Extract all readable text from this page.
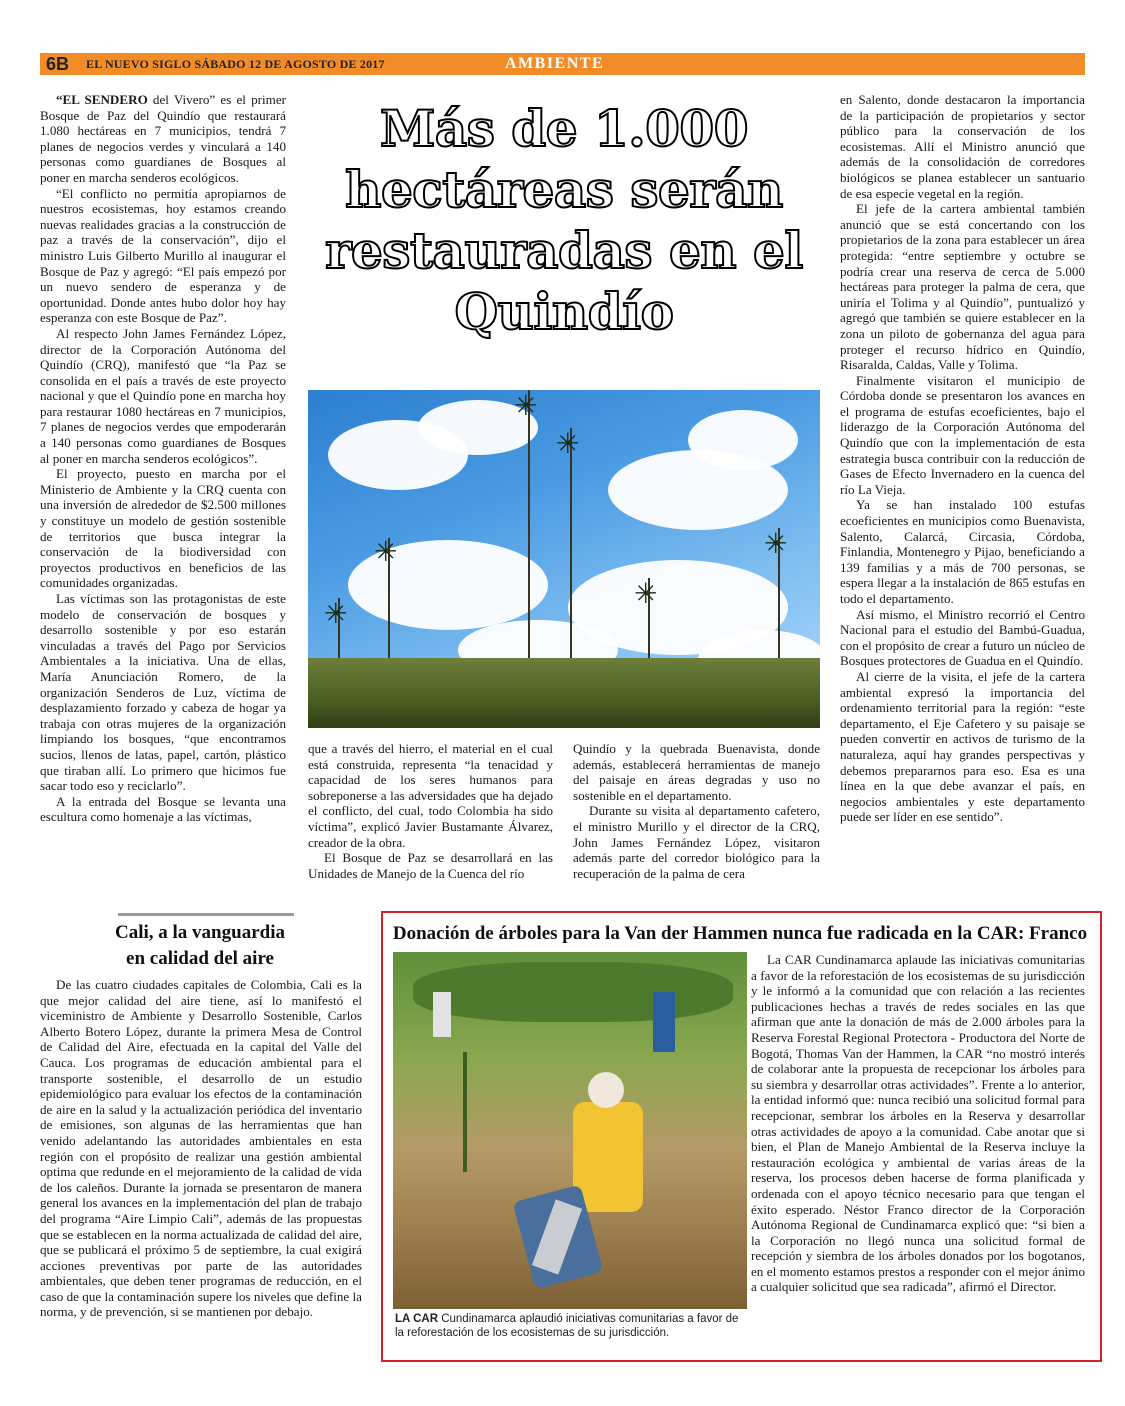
6B EL NUEVO SIGLO SÁBADO 12 DE AGOSTO DE 2017	AMBIENTE

“EL SENDERO del Vivero” es el primer Bosque de Paz del Quindío que restaurará 1.080 hectáreas en 7 municipios, tendrá 7 planes de negocios verdes y vinculará a 140 personas como guardianes de Bosques al poner en marcha senderos ecológicos.

“El conflicto no permitía apropiarnos de nuestros ecosistemas, hoy estamos creando nuevas realidades gracias a la construcción de paz a través de la conservación”, dijo el ministro Luis Gilberto Murillo al inaugurar el Bosque de Paz y agregó: “El país empezó por un nuevo sendero de esperanza y de oportunidad. Donde antes hubo dolor hoy hay esperanza con este Bosque de Paz”.

Al respecto John James Fernández López, director de la Corporación Autónoma del Quindío (CRQ), manifestó que “la Paz se consolida en el país a través de este proyecto nacional y que el Quindío pone en marcha hoy para restaurar 1080 hectáreas en 7 municipios, 7 planes de negocios verdes que empoderarán a 140 personas como guardianes de Bosques al poner en marcha senderos ecológicos”.

El proyecto, puesto en marcha por el Ministerio de Ambiente y la CRQ cuenta con una inversión de alrededor de $2.500 millones y constituye un modelo de gestión sostenible de territorios que busca integrar la conservación de la biodiversidad con proyectos productivos en beneficios de las comunidades organizadas.

Las víctimas son las protagonistas de este modelo de conservación de bosques y desarrollo sostenible y por eso estarán vinculadas a través del Pago por Servicios Ambientales a la iniciativa. Una de ellas, María Anunciación Romero, de la organización Senderos de Luz, víctima de desplazamiento forzado y cabeza de hogar ya trabaja con otras mujeres de la organización limpiando los bosques, “que encontramos sucios, llenos de latas, papel, cartón, plástico que tiraban allí. Lo primero que hicimos fue sacar todo eso y reciclarlo”.

A la entrada del Bosque se levanta una escultura como homenaje a las víctimas,

Más de 1.000 hectáreas serán restauradas en el Quindío
✳
✳
✳	✳
✳
✳

que a través del hierro, el material en el cual está construida, representa “la tenacidad y capacidad de los seres humanos para sobreponerse a las adversidades que ha dejado el conflicto, del cual, todo Colombia ha sido víctima”, explicó Javier Bustamante Álvarez, creador de la obra.

El Bosque de Paz se desarrollará en las Unidades de Manejo de la Cuenca del río

Quindío y la quebrada Buenavista, donde además, establecerá herramientas de manejo del paisaje en áreas degradas y uso no sostenible en el departamento.

Durante su visita al departamento cafetero, el ministro Murillo y el director de la CRQ, John James Fernández López, visitaron además parte del corredor biológico para la recuperación de la palma de cera

en Salento, donde destacaron la importancia de la participación de propietarios y sector público para la conservación de los ecosistemas. Allí el Ministro anunció que además de la consolidación de corredores biológicos se planea establecer un santuario de esa especie vegetal en la región.

El jefe de la cartera ambiental también anunció que se está concertando con los propietarios de la zona para establecer un área protegida: “entre septiembre y octubre se podría crear una reserva de cerca de 5.000 hectáreas para proteger la palma de cera, que uniría el Tolima y al Quindío”, puntualizó y agregó que también se quiere establecer en la zona un piloto de gobernanza del agua para proteger el recurso hídrico en Quindío, Risaralda, Caldas, Valle y Tolima.

Finalmente visitaron el municipio de Córdoba donde se presentaron los avances en el programa de estufas ecoeficientes, bajo el liderazgo de la Corporación Autónoma del Quindío que con la implementación de esta estrategia busca contribuir con la reducción de Gases de Efecto Invernadero en la cuenca del río La Vieja.

Ya se han instalado 100 estufas ecoeficientes en municipios como Buenavista, Salento, Calarcá, Circasia, Córdoba, Finlandia, Montenegro y Pijao, beneficiando a 139 familias y a más de 700 personas, se espera llegar a la instalación de 865 estufas en todo el departamento.

Así mismo, el Ministro recorrió el Centro Nacional para el estudio del Bambú-Guadua, con el propósito de crear a futuro un núcleo de Bosques protectores de Guadua en el Quindío.

Al cierre de la visita, el jefe de la cartera ambiental expresó la importancia del ordenamiento territorial para la región: “este departamento, el Eje Cafetero y su paisaje se pueden convertir en activos de turismo de la naturaleza, aquí hay grandes perspectivas y debemos prepararnos para eso. Esa es una línea en la que debe avanzar el país, en negocios ambientales y este departamento puede ser líder en ese sentido”.

Cali, a la vanguardia
en calidad del aire

De las cuatro ciudades capitales de Colombia, Cali es la que mejor calidad del aire tiene, así lo manifestó el viceministro de Ambiente y Desarrollo Sostenible, Carlos Alberto Botero López, durante la primera Mesa de Control de Calidad del Aire, efectuada en la capital del Valle del Cauca. Los programas de educación ambiental para el transporte sostenible, el desarrollo de un estudio epidemiológico para evaluar los efectos de la contaminación de aire en la salud y la actualización periódica del inventario de emisiones, son algunas de las herramientas que han venido adelantando las autoridades ambientales en esta región con el propósito de realizar una gestión ambiental optima que redunde en el mejoramiento de la calidad de vida de los caleños. Durante la jornada se presentaron de manera general los avances en la implementación del plan de trabajo del programa “Aire Limpio Cali”, además de las propuestas que se establecen en la norma actualizada de calidad del aire, que se publicará el próximo 5 de septiembre, la cual exigirá acciones preventivas por parte de las autoridades ambientales, que deben tener programas de reducción, en el caso de que la contaminación supere los niveles que define la norma, y de prevención, si se mantienen por debajo.

Donación de árboles para la Van der Hammen nunca fue radicada en la CAR: Franco
LA CAR Cundinamarca aplaudió iniciativas comunitarias a favor de la reforestación de los ecosistemas de su jurisdicción.

La CAR Cundinamarca aplaude las iniciativas comunitarias a favor de la reforestación de los ecosistemas de su jurisdicción y le informó a la comunidad que con relación a las recientes publicaciones hechas a través de redes sociales en las que afirman que ante la donación de más de 2.000 árboles para la Reserva Forestal Regional Protectora - Productora del Norte de Bogotá, Thomas Van der Hammen, la CAR “no mostró interés de colaborar ante la propuesta de recepcionar los árboles para su siembra y desarrollar otras actividades”. Frente a lo anterior, la entidad informó que: nunca recibió una solicitud formal para recepcionar, sembrar los árboles en la Reserva y desarrollar otras actividades de apoyo a la comunidad. Cabe anotar que si bien, el Plan de Manejo Ambiental de la Reserva incluye la restauración ecológica y ambiental de varias áreas de la reserva, los procesos deben hacerse de forma planificada y ordenada con el apoyo técnico necesario para que tengan el éxito esperado. Néstor Franco director de la Corporación Autónoma Regional de Cundinamarca explicó que: “si bien a la Corporación no llegó nunca una solicitud formal de recepción y siembra de los árboles donados por los bogotanos, en el momento estamos prestos a responder con el mejor ánimo a cualquier solicitud que sea radicada”, afirmó el Director.
